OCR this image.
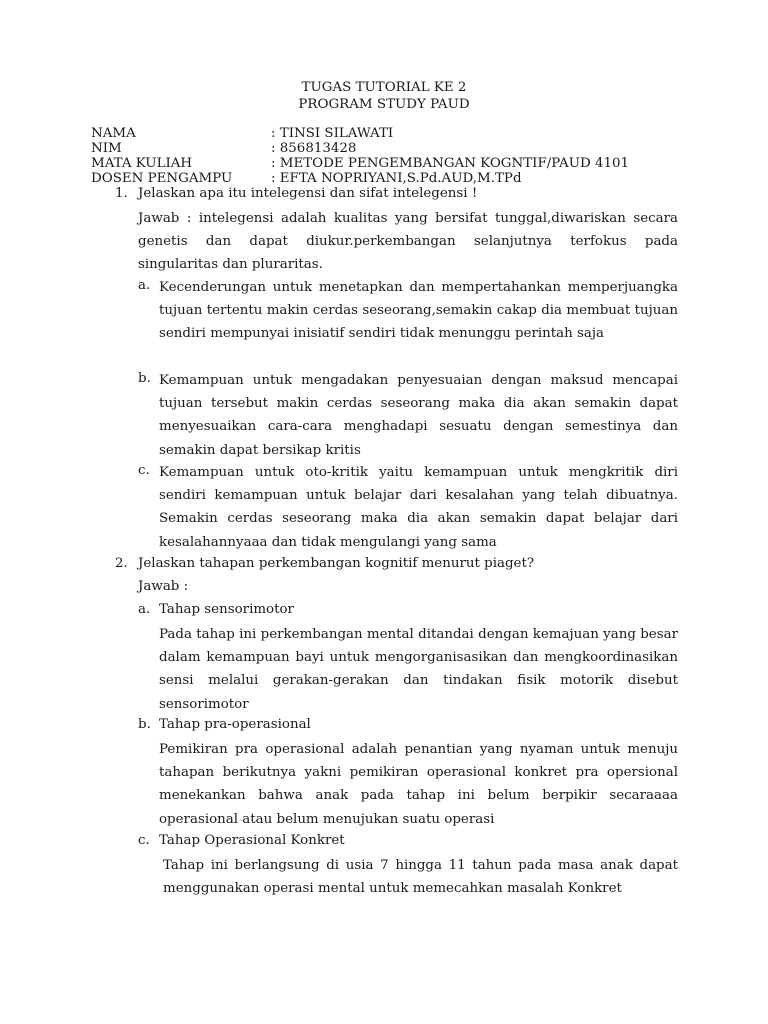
TUGAS TUTORIAL KE 2
PROGRAM STUDY PAUD
NAMA	: TINSI SILAWATI
NIM	: 856813428
MATA KULIAH	: METODE PENGEMBANGAN KOGNTIF/PAUD 4101
DOSEN PENGAMPU	: EFTA NOPRIYANI,S.Pd.AUD,M.TPd
1. Jelaskan apa itu intelegensi dan sifat intelegensi !

Jawab : intelegensi adalah kualitas yang bersifat tunggal,diwariskan secara genetis dan dapat diukur.perkembangan selanjutnya terfokus pada singularitas dan pluraritas.

a. Kecenderungan untuk menetapkan dan mempertahankan memperjuangka tujuan tertentu makin cerdas seseorang,semakin cakap dia membuat tujuan sendiri mempunyai inisiatif sendiri tidak menunggu perintah saja

b. Kemampuan untuk mengadakan penyesuaian dengan maksud mencapai tujuan tersebut makin cerdas seseorang maka dia akan semakin dapat menyesuaikan cara-cara menghadapi sesuatu dengan semestinya dan semakin dapat bersikap kritis

c. Kemampuan untuk oto-kritik yaitu kemampuan untuk mengkritik diri sendiri kemampuan untuk belajar dari kesalahan yang telah dibuatnya. Semakin cerdas seseorang maka dia akan semakin dapat belajar dari kesalahannyaaa dan tidak mengulangi yang sama

2. Jelaskan tahapan perkembangan kognitif menurut piaget?
Jawab :
a. Tahap sensorimotor

Pada tahap ini perkembangan mental ditandai dengan kemajuan yang besar dalam kemampuan bayi untuk mengorganisasikan dan mengkoordinasikan sensi melalui gerakan-gerakan dan tindakan fisik motorik disebut sensorimotor

b. Tahap pra-operasional

Pemikiran pra operasional adalah penantian yang nyaman untuk menuju tahapan berikutnya yakni pemikiran operasional konkret pra opersional menekankan bahwa anak pada tahap ini belum berpikir secaraaaa operasional atau belum menujukan suatu operasi

c. Tahap Operasional Konkret

Tahap ini berlangsung di usia 7 hingga 11 tahun pada masa anak dapat menggunakan operasi mental untuk memecahkan masalah Konkret
